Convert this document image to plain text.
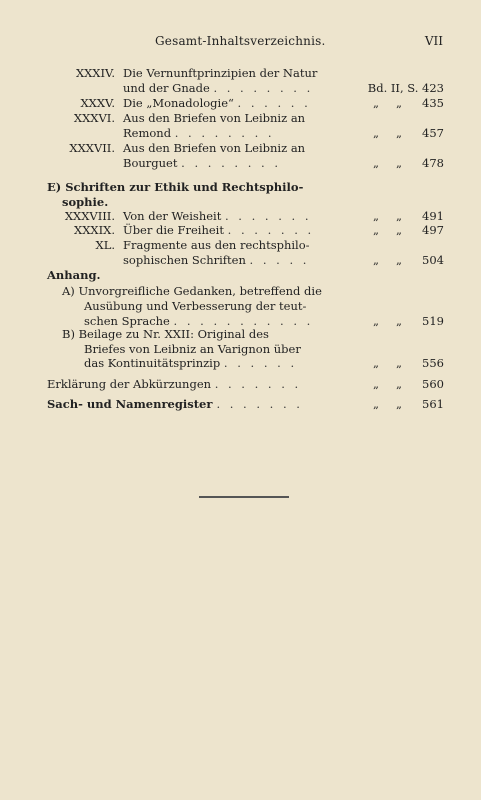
Gesamt-Inhaltsverzeichnis.	VII
XXXIV. Die Vernunftprinzipien der Natur
und der Gnade . . . . . . . .	Bd. II, S. 423
XXXV. Die „Monadologie“ . . . . . .	„ „ 435
XXXVI. Aus den Briefen von Leibniz an
Remond . . . . . . . .	„ „ 457
XXXVII. Aus den Briefen von Leibniz an
Bourguet . . . . . . . .	„ „ 478
E) Schriften zur Ethik und Rechtsphilo-
sophie.
XXXVIII. Von der Weisheit . . . . . . .	„ „ 491
XXXIX. Über die Freiheit . . . . . . .	„ „ 497
XL. Fragmente aus den rechtsphilo-
sophischen Schriften . . . . .	„ „ 504
Anhang.
A) Unvorgreifliche Gedanken, betreffend die
Ausübung und Verbesserung der teut-
schen Sprache . . . . . . . . . . .	„ „ 519
B) Beilage zu Nr. XXII: Original des
Briefes von Leibniz an Varignon über
das Kontinuitätsprinzip . . . . . .	„ „ 556
Erklärung der Abkürzungen . . . . . . .	„ „ 560
Sach- und Namenregister . . . . . . .	„ „ 561
